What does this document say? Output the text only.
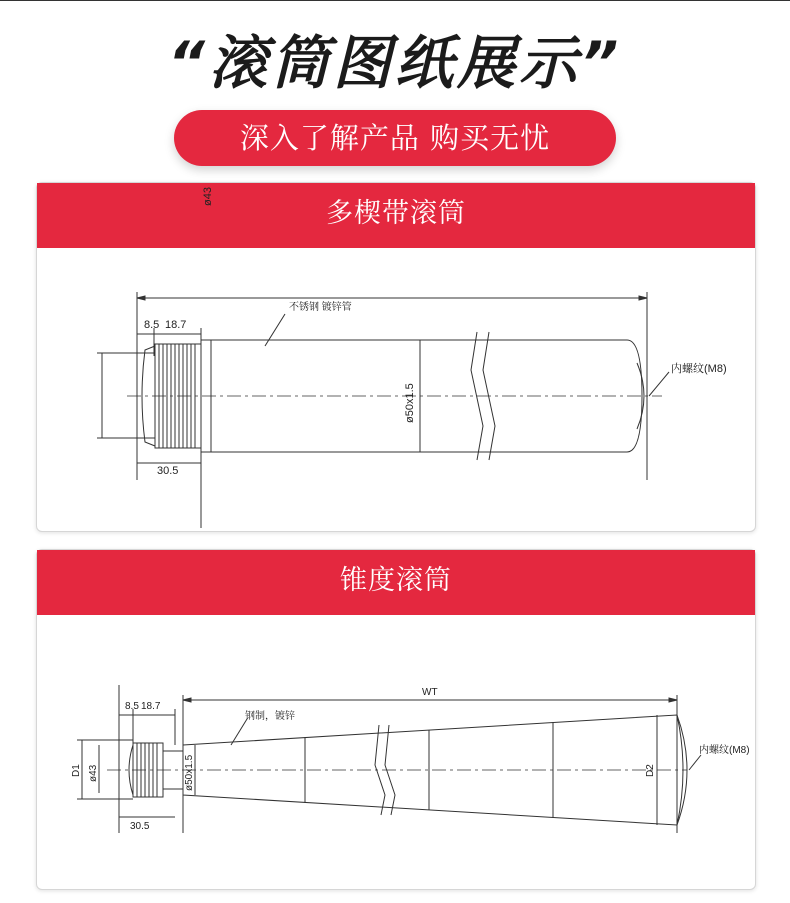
“滚筒图纸展示”
深入了解产品 购买无忧
多楔带滚筒
8.5 18.7
30.5
ø43
ø50x1.5
不锈钢 镀锌管
内螺纹(M8)
锥度滚筒
8.5 18.7
30.5
WT
D1 ø43	ø50x1.5	D2
钢制，镀锌
内螺纹(M8)
